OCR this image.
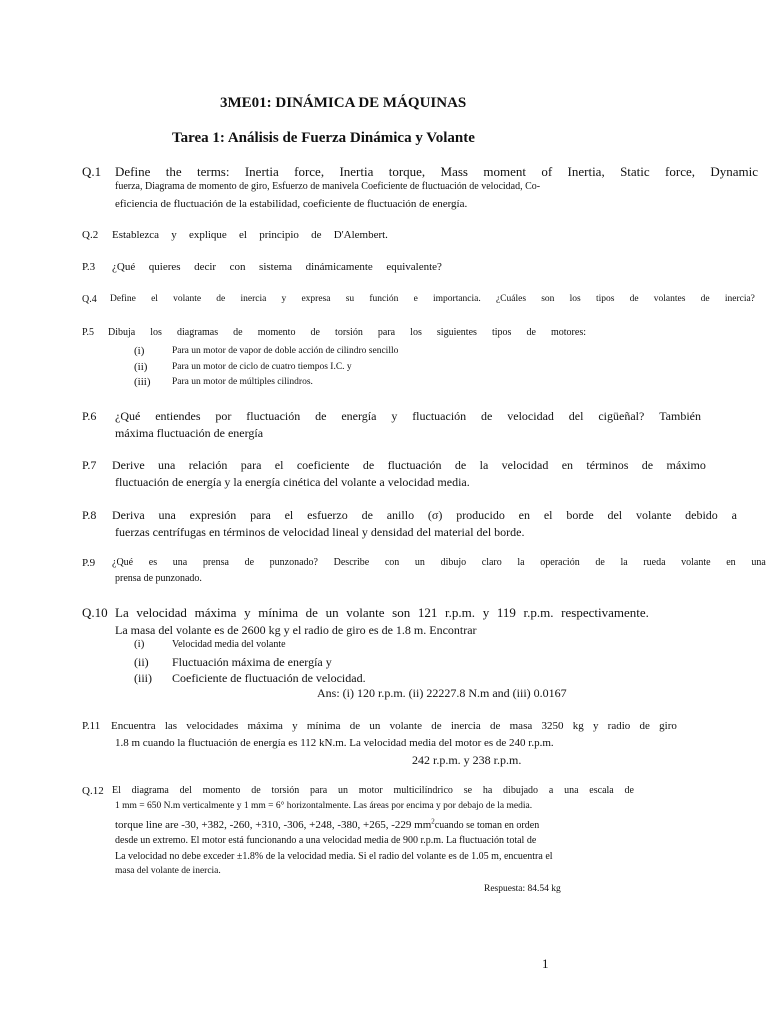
3ME01: DINÁMICA DE MÁQUINAS
Tarea 1: Análisis de Fuerza Dinámica y Volante
Q.1 Define the terms: Inertia force, Inertia torque, Mass moment of Inertia, Static force, Dynamic
fuerza, Diagrama de momento de giro, Esfuerzo de manivela Coeficiente de fluctuación de velocidad, Co-
eficiencia de fluctuación de la estabilidad, coeficiente de fluctuación de energía.
Q.2 Establezca y explique el principio de D'Alembert.
P.3 ¿Qué quieres decir con sistema dinámicamente equivalente?
Q.4 Define el volante de inercia y expresa su función e importancia. ¿Cuáles son los tipos de volantes de inercia?
P.5 Dibuja los diagramas de momento de torsión para los siguientes tipos de motores:
(i)	Para un motor de vapor de doble acción de cilindro sencillo
(ii)	Para un motor de ciclo de cuatro tiempos I.C. y
(iii) Para un motor de múltiples cilindros.
P.6 ¿Qué entiendes por fluctuación de energía y fluctuación de velocidad del cigüeñal? También
máxima fluctuación de energía
P.7 Derive una relación para el coeficiente de fluctuación de la velocidad en términos de máximo
fluctuación de energía y la energía cinética del volante a velocidad media.
P.8 Deriva una expresión para el esfuerzo de anillo (σ) producido en el borde del volante debido a
fuerzas centrífugas en términos de velocidad lineal y densidad del material del borde.
P.9 ¿Qué es una prensa de punzonado? Describe con un dibujo claro la operación de la rueda volante en una
prensa de punzonado.
Q.10 La velocidad máxima y mínima de un volante son 121 r.p.m. y 119 r.p.m. respectivamente.
La masa del volante es de 2600 kg y el radio de giro es de 1.8 m. Encontrar
(i)	Velocidad media del volante
(ii) Fluctuación máxima de energía y
(iii) Coeficiente de fluctuación de velocidad.
Ans: (i) 120 r.p.m. (ii) 22227.8 N.m and (iii) 0.0167
P.11 Encuentra las velocidades máxima y mínima de un volante de inercia de masa 3250 kg y radio de giro
1.8 m cuando la fluctuación de energía es 112 kN.m. La velocidad media del motor es de 240 r.p.m.
242 r.p.m. y 238 r.p.m.
Q.12 El diagrama del momento de torsión para un motor multicilíndrico se ha dibujado a una escala de
1 mm = 650 N.m verticalmente y 1 mm = 6° horizontalmente. Las áreas por encima y por debajo de la media.
torque line are -30, +382, -260, +310, -306, +248, -380, +265, -229 $mm^2cuando$ se toman en orden
desde un extremo. El motor está funcionando a una velocidad media de 900 r.p.m. La fluctuación total de
La velocidad no debe exceder ±1.8% de la velocidad media. Si el radio del volante es de 1.05 m, encuentra el
masa del volante de inercia.
Respuesta: 84.54 kg
1
